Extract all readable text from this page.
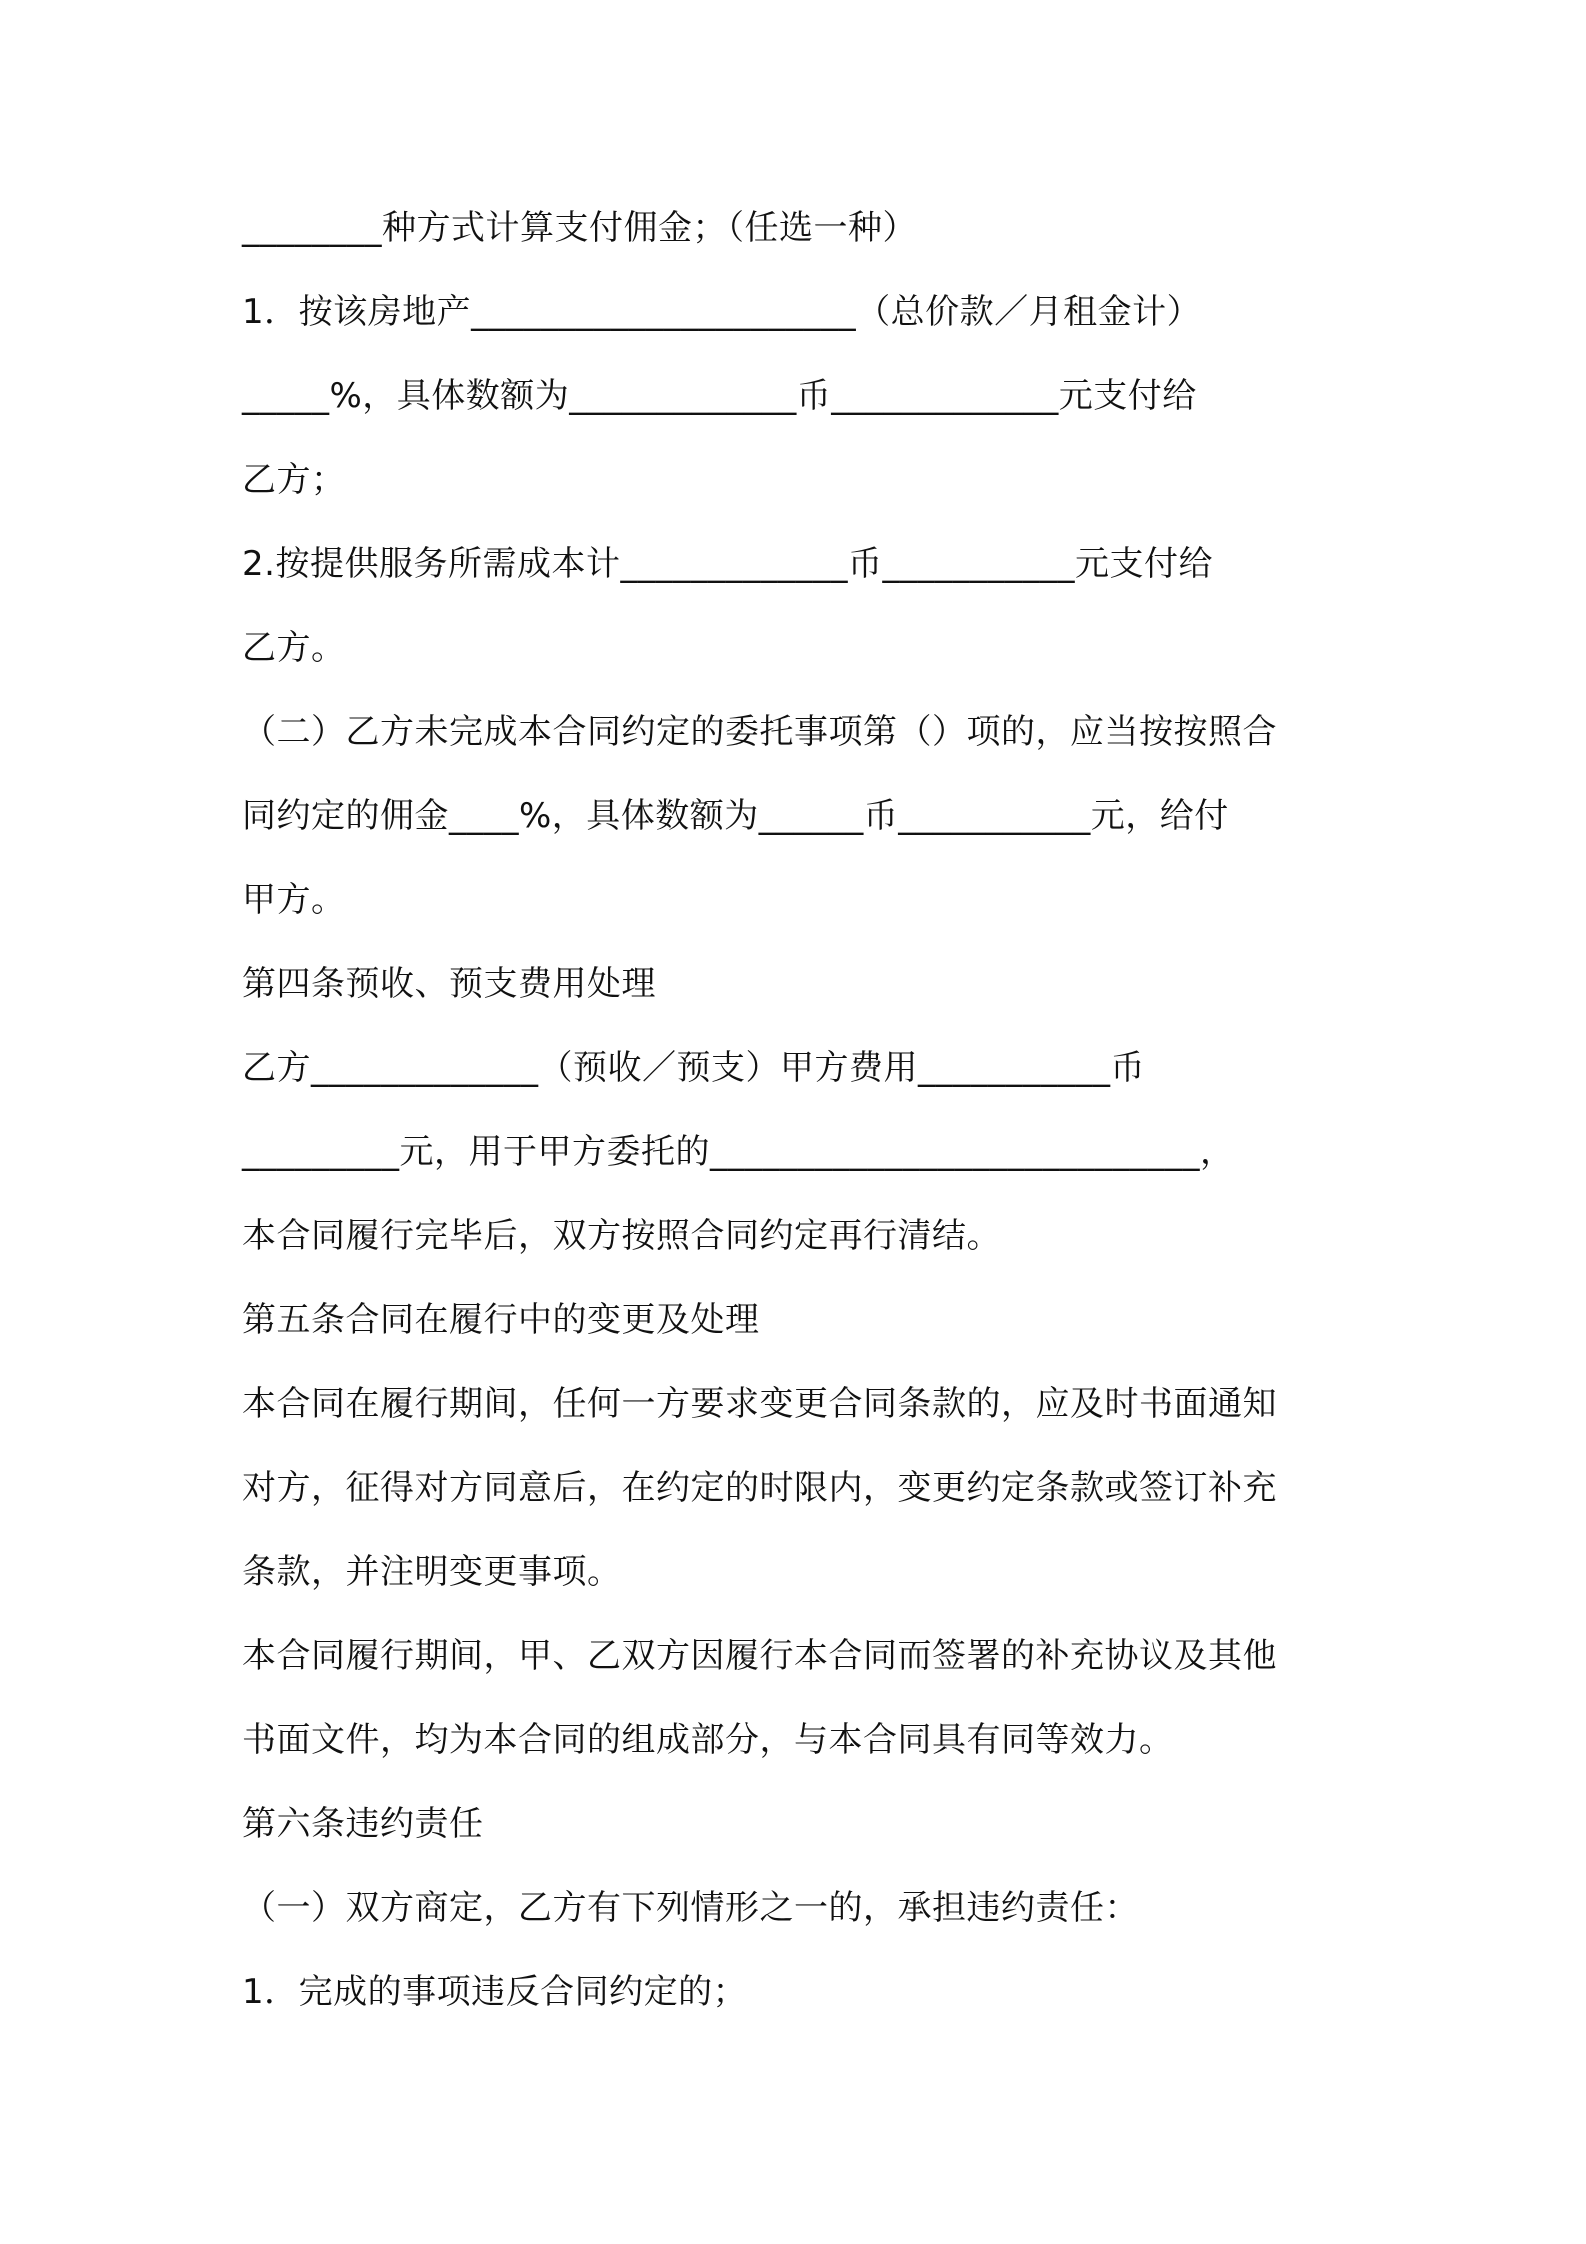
________种方式计算支付佣金；（任选一种）
1．按该房地产______________________（总价款／月租金计）
_____%，具体数额为_____________币_____________元支付给
乙方；
2.按提供服务所需成本计_____________币___________元支付给
乙方。
（二）乙方未完成本合同约定的委托事项第（）项的，应当按按照合
同约定的佣金____%，具体数额为______币___________元，给付
甲方。
第四条预收、预支费用处理
乙方_____________（预收／预支）甲方费用___________币
_________元，用于甲方委托的____________________________，
本合同履行完毕后，双方按照合同约定再行清结。
第五条合同在履行中的变更及处理
本合同在履行期间，任何一方要求变更合同条款的，应及时书面通知
对方，征得对方同意后，在约定的时限内，变更约定条款或签订补充
条款，并注明变更事项。
本合同履行期间，甲、乙双方因履行本合同而签署的补充协议及其他
书面文件，均为本合同的组成部分，与本合同具有同等效力。
第六条违约责任
（一）双方商定，乙方有下列情形之一的，承担违约责任：
1．完成的事项违反合同约定的；
